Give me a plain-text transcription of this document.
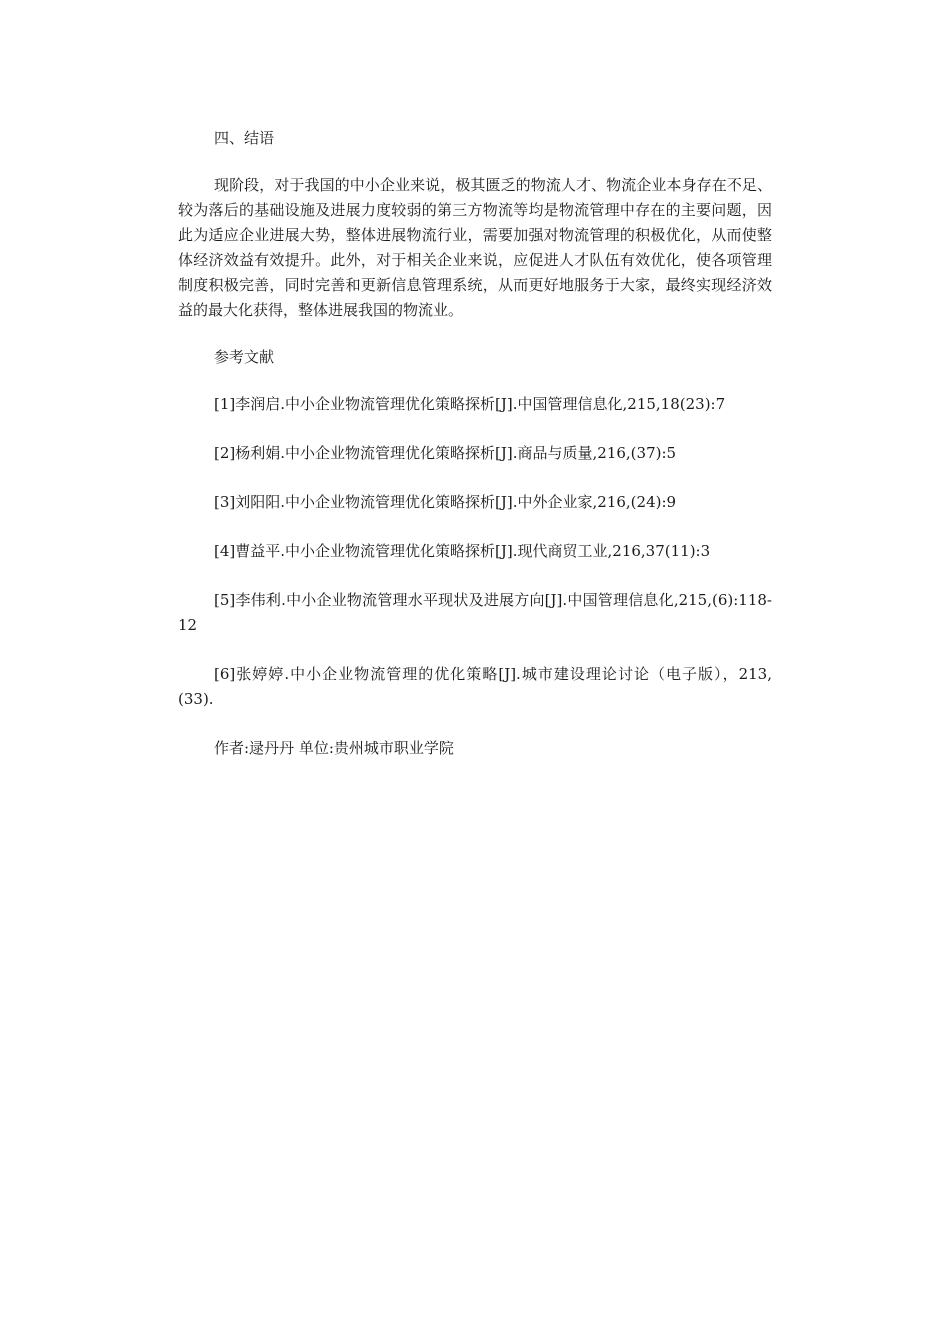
四、结语

现阶段，对于我国的中小企业来说，极其匮乏的物流人才、物流企业本身存在不足、较为落后的基础设施及进展力度较弱的第三方物流等均是物流管理中存在的主要问题，因此为适应企业进展大势，整体进展物流行业，需要加强对物流管理的积极优化，从而使整体经济效益有效提升。此外，对于相关企业来说，应促进人才队伍有效优化，使各项管理制度积极完善，同时完善和更新信息管理系统，从而更好地服务于大家，最终实现经济效益的最大化获得，整体进展我国的物流业。

参考文献

[1]李润启.中小企业物流管理优化策略探析[J].中国管理信息化,215,18(23):7

[2]杨利娟.中小企业物流管理优化策略探析[J].商品与质量,216,(37):5

[3]刘阳阳.中小企业物流管理优化策略探析[J].中外企业家,216,(24):9

[4]曹益平.中小企业物流管理优化策略探析[J].现代商贸工业,216,37(11):3

[5]李伟利.中小企业物流管理水平现状及进展方向[J].中国管理信息化,215,(6):118-12

[6]张婷婷.中小企业物流管理的优化策略[J].城市建设理论讨论（电子版），213,(33).

作者:逯丹丹 单位:贵州城市职业学院
